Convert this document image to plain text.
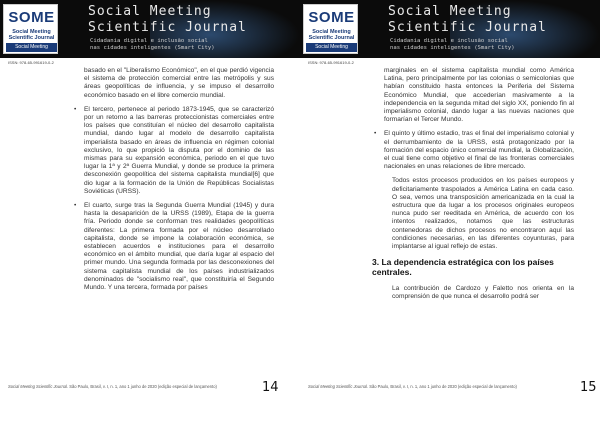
SOME
Social Meeting
Scientific Journal
Social Meeting
Social Meeting
Scientific Journal
Cidadania digital e inclusão social
nas cidades inteligentes (Smart City)
ISSN: 978-65-991619-0-2

basado en el "Liberalismo Económico", en el que perdió vigencia el sistema de protección comercial entre las metrópolis y sus áreas geopolíticas de influencia, y se impuso el desarrollo económico basado en el libre comercio mundial.

• El tercero, pertenece al periodo 1873-1945, que se caracterizó por un retorno a las barreras proteccionistas comerciales entre los países que constituían el núcleo del desarrollo capitalista mundial, dando lugar al modelo de desarrollo capitalista imperialista basado en áreas de influencia en régimen colonial exclusivo, lo que propició la disputa por el dominio de las mismas para su expansión económica, periodo en el que tuvo lugar la 1ª y 2ª Guerra Mundial, y donde se produce la primera desconexión geopolítica del sistema capitalista mundial[6] que dio lugar a la formación de la Unión de Repúblicas Socialistas Soviéticas (URSS).
• El cuarto, surge tras la Segunda Guerra Mundial (1945) y dura hasta la desaparición de la URSS (1989), Etapa de la guerra fría. Periodo donde se conforman tres realidades geopolíticas diferentes: La primera formada por el núcleo desarrollado capitalista, donde se impone la colaboración económica, se establecen acuerdos e instituciones para el desarrollo económico en el ámbito mundial, que daría lugar al espacio del primer mundo. Una segunda formada por las desconexiones del sistema capitalista mundial de los países industrializados denominados de "socialismo real", que constituiría el Segundo Mundo. Y una tercera, formada por países
Social Meeting Scientific Journal. São Paulo, Brasil, v. I, n. 1, ano 1 junho de 2020 (edição especial de lançamento)	14
SOME
Social Meeting
Scientific Journal
Social Meeting
Social Meeting
Scientific Journal
Cidadania digital e inclusão social
nas cidades inteligentes (Smart City)
ISSN: 978-65-991619-0-2

marginales en el sistema capitalista mundial como América Latina, pero principalmente por las colonias o semicolonias que habían constituido hasta entonces la Periferia del Sistema Económico Mundial, que accederían masivamente a la independencia en la segunda mitad del siglo XX, poniendo fin al imperialismo colonial, dando lugar a las nuevas naciones que formarían el Tercer Mundo.

• El quinto y último estadio, tras el final del imperialismo colonial y el derrumbamiento de la URSS, está protagonizado por la formación del espacio único comercial mundial, la Globalización, el cual tiene como objetivo el final de las fronteras comerciales nacionales en unas relaciones de libre mercado.

Todos estos procesos producidos en los países europeos y deficitariamente traspolados a América Latina en cada caso. O sea, vemos una transposición americanizada en la cual la estructura que da lugar a los procesos originales europeos nunca pudo ser reeditada en América, de acuerdo con los intentos realizados, notamos que las estructuras contenedoras de dichos procesos no encontraron aquí las condiciones necesarias, en las diferentes coyunturas, para implantarse al igual reflejo de estas.

3. La dependencia estratégica con los países centrales.

La contribución de Cardozo y Faletto nos orienta en la comprensión de que nunca el desarrollo podrá ser

Social Meeting Scientific Journal. São Paulo, Brasil, v. I, n. 1, ano 1 junho de 2020 (edição especial de lançamento)	15
